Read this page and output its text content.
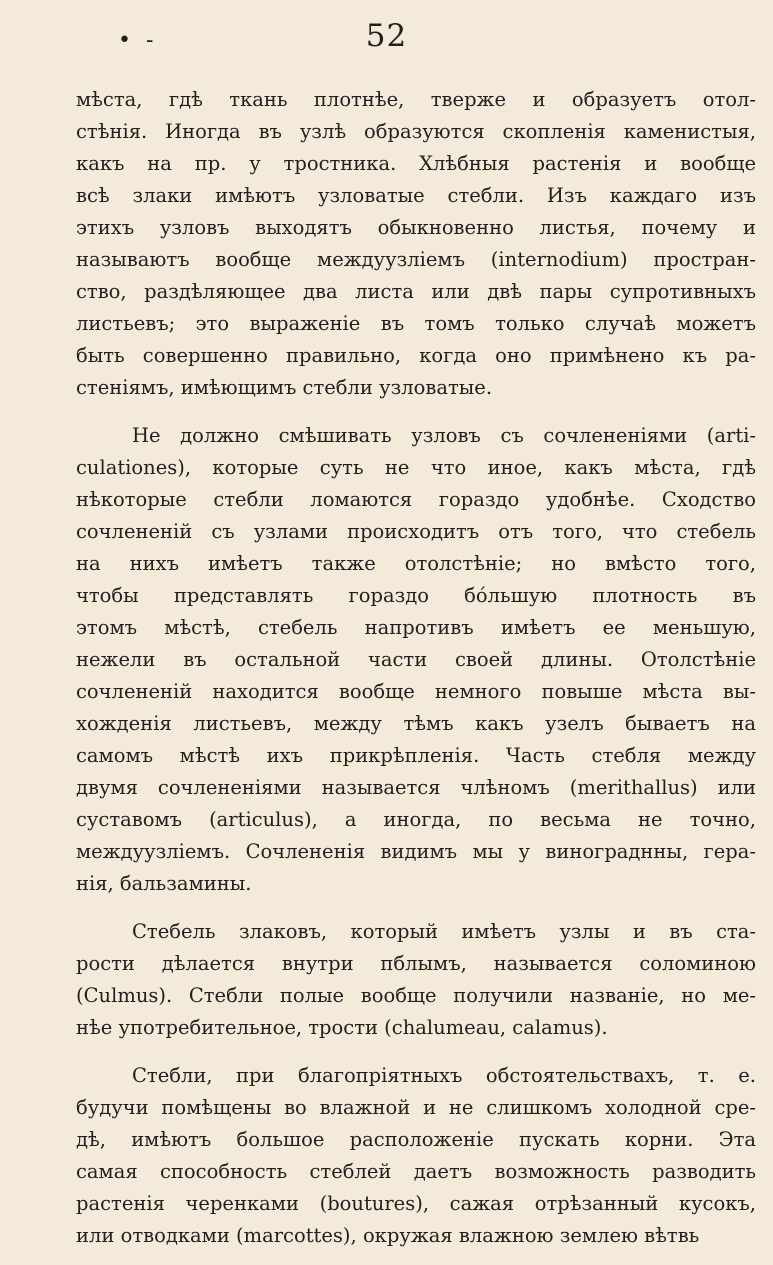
• -	52
мѣста, гдѣ ткань плотнѣе, тверже и образуетъ отол-
стѣнія. Иногда въ узлѣ образуются скопленія каменистыя,
какъ на пр. у тростника. Хлѣбныя растенія и вообще
всѣ злаки имѣютъ узловатые стебли. Изъ каждаго изъ
этихъ узловъ выходятъ обыкновенно листья, почему и
называютъ вообще междуузліемъ (internodium) простран-
ство, раздѣляющее два листа или двѣ пары супротивныхъ
листьевъ; это выраженіе въ томъ только случаѣ можетъ
быть совершенно правильно, когда оно примѣнено къ ра-
стеніямъ, имѣющимъ стебли узловатые.
Не должно смѣшивать узловъ съ сочлененіями (arti-
culationes), которые суть не что иное, какъ мѣста, гдѣ
нѣкоторые стебли ломаются гораздо удобнѣе. Сходство
сочлененій съ узлами происходитъ отъ того, что стебель
на нихъ имѣетъ также отолстѣніе; но вмѣсто того,
чтобы представлять гораздо бо́льшую плотность въ
этомъ мѣстѣ, стебель напротивъ имѣетъ ее меньшую,
нежели въ остальной части своей длины. Отолстѣніе
сочлененій находится вообще немного повыше мѣста вы-
хожденія листьевъ, между тѣмъ какъ узелъ бываетъ на
самомъ мѣстѣ ихъ прикрѣпленія. Часть стебля между
двумя сочлененіями называется члѣномъ (merithallus) или
суставомъ (articulus), а иногда, по весьма не точно,
междуузліемъ. Сочлененія видимъ мы у винограднны, гера-
нія, бальзамины.
Стебель злаковъ, который имѣетъ узлы и въ ста-
рости дѣлается внутри пблымъ, называется соломиною
(Culmus). Стебли полые вообще получили названіе, но ме-
нѣе употребительное, трости (chalumeau, calamus).
Стебли, при благопріятныхъ обстоятельствахъ, т. е.
будучи помѣщены во влажной и не слишкомъ холодной сре-
дѣ, имѣютъ большое расположеніе пускать корни. Эта
самая способность стеблей даетъ возможность разводить
растенія черенками (boutures), сажая отрѣзанный кусокъ,
или отводками (marcottes), окружая влажною землею вѣтвь
